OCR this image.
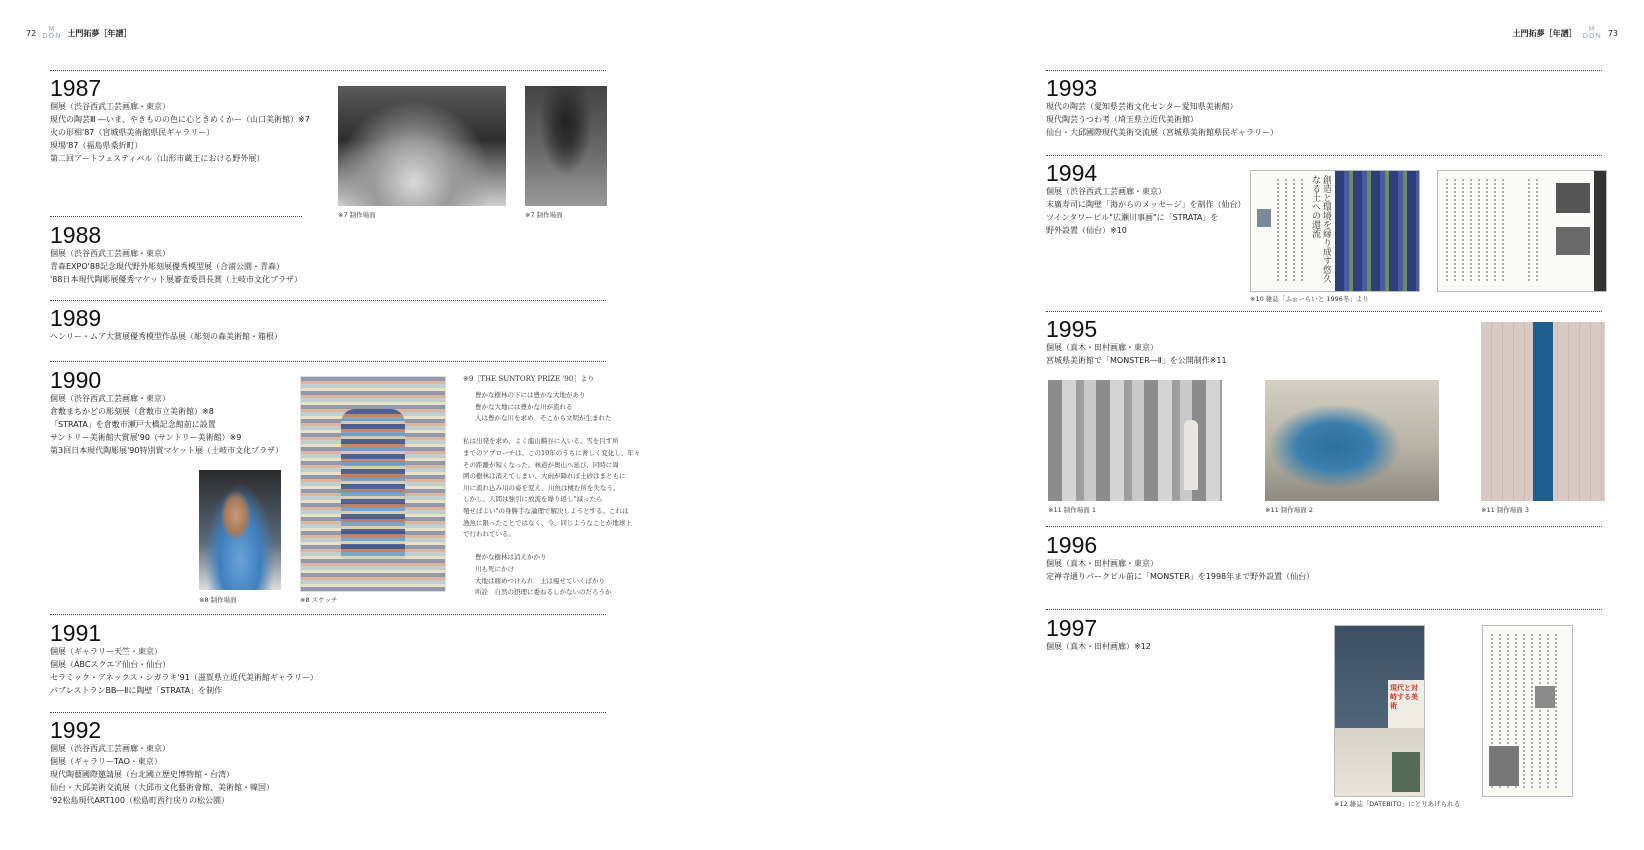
72	M
DON 土門拓夢［年譜］	土門拓夢［年譜］	M
DON 73
1987
個展（渋谷西武工芸画廊・東京）
現代の陶芸Ⅲ ―いま、やきものの色に心ときめくかー（山口美術館）※7
火の形相'87（宮城県美術館県民ギャラリー）
現場'87（福島県桑折町）
第二回アートフェスティバル（山形市蔵王における野外展）
※7 制作場面	※7 制作場面
1988
個展（渋谷西武工芸画廊・東京）
青森EXPO'88記念現代野外彫刻展優秀模型展（合浦公園・青森）
'88日本現代陶彫展優秀マケット展審査委員長賞（土岐市文化プラザ）
1989
ヘンリー・ムア大賞展優秀模型作品展（彫刻の森美術館・箱根）
1990
個展（渋谷西武工芸画廊・東京）
倉敷まちかどの彫刻展（倉敷市立美術館）※8
「STRATA」を倉敷市瀬戸大橋記念館前に設置
サントリー美術館大賞展'90（サントリー美術館）※9
第3回日本現代陶彫展'90特別賞マケット展（土岐市文化プラザ）
※8 制作場面	※8 スケッチ
※9［THE SUNTORY PRIZE '90］より
豊かな樹林の下には豊かな大地があり
豊かな大地には豊かな川が流れる
人は豊かな川を求め　そこから文明が生まれた
私は出発を求め、よく龍山騎谷に入いる。雪を目す所
までのアプローチは、この10年のうちに著しく変化し、年々
その距離が短くなった。林道が奥山へ延び、同時に周
囲の樹林は消えてしまい、大雨が降れば土砂はまともに
川に流れ込み川の姿を変え、川魚は棲む所を失なう。
しかし、人間は強引に放流を繰り返し"減ったら
殖せばよい"の身勝手な論理で解決しようとする。これは
漁魚に限ったことではなく、今、同じようなことが地球上
で行われている。
豊かな樹林は消えかかり
川も死にかけ
大地は痛めつけられ　土は痩せていくばかり
所詮　自然の摂理に委ねるしかないのだろうか
1991
個展（ギャラリー天竺・東京）
個展（ABCスクエア仙台・仙台）
セラミック・アネックス・シガラキ'91（滋賀県立近代美術館ギャラリー）
パブレストランBB―Ⅱに陶壁「STRATA」を制作
1992
個展（渋谷西武工芸画廊・東京）
個展（ギャラリーTAO・東京）
現代陶藝國際邀請展（台北國立歴史博物館・台湾）
仙台・大邱美術交流展（大邱市文化藝術會館、美術館・韓国）
'92松島現代ART100（松島町西行戻りの松公園）
1993
現代の陶芸（愛知県芸術文化センター愛知県美術館）
現代陶芸うつわ考（埼玉県立近代美術館）
仙台・大邱國際現代美術交流展（宮城県美術館県民ギャラリー）
1994
個展（渋谷西武工芸画廊・東京）
末廣寿司に陶壁「海からのメッセージ」を制作（仙台）
ツインタワービル"広瀬川事画"に「STRATA」を
野外設置（仙台）※10	創造と環境を縁り成す悠久なる土への還流
※10 雑誌「ふぉーらいと 1996冬」より
1995
個展（真木・田村画廊・東京）
宮城県美術館で「MONSTER―Ⅱ」を公開制作※11
※11 制作場面 1	※11 制作場面 2	※11 制作場面 3
1996
個展（真木・田村画廊・東京）
定禅寺通りパークビル前に「MONSTER」を1998年まで野外設置（仙台）
1997
個展（真木・田村画廊）※12
現代と対峙する美術
※12 雑誌「DATEBITO」にとりあげられる
